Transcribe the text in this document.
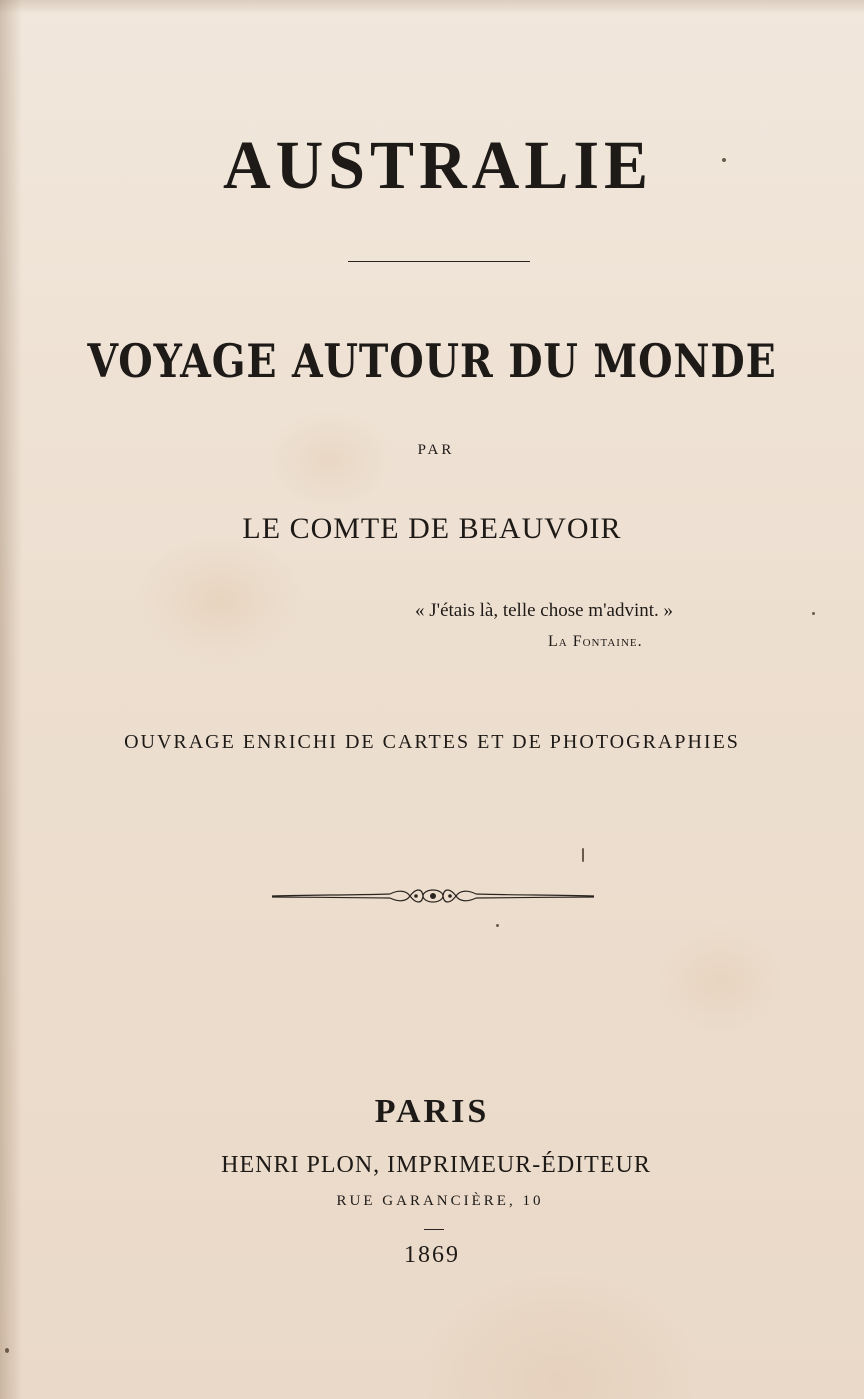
AUSTRALIE
VOYAGE AUTOUR DU MONDE
PAR
LE COMTE DE BEAUVOIR
« J'étais là, telle chose m'advint. »
La Fontaine.
OUVRAGE ENRICHI DE CARTES ET DE PHOTOGRAPHIES
PARIS
HENRI PLON, IMPRIMEUR-ÉDITEUR
RUE GARANCIÈRE, 10
1869
